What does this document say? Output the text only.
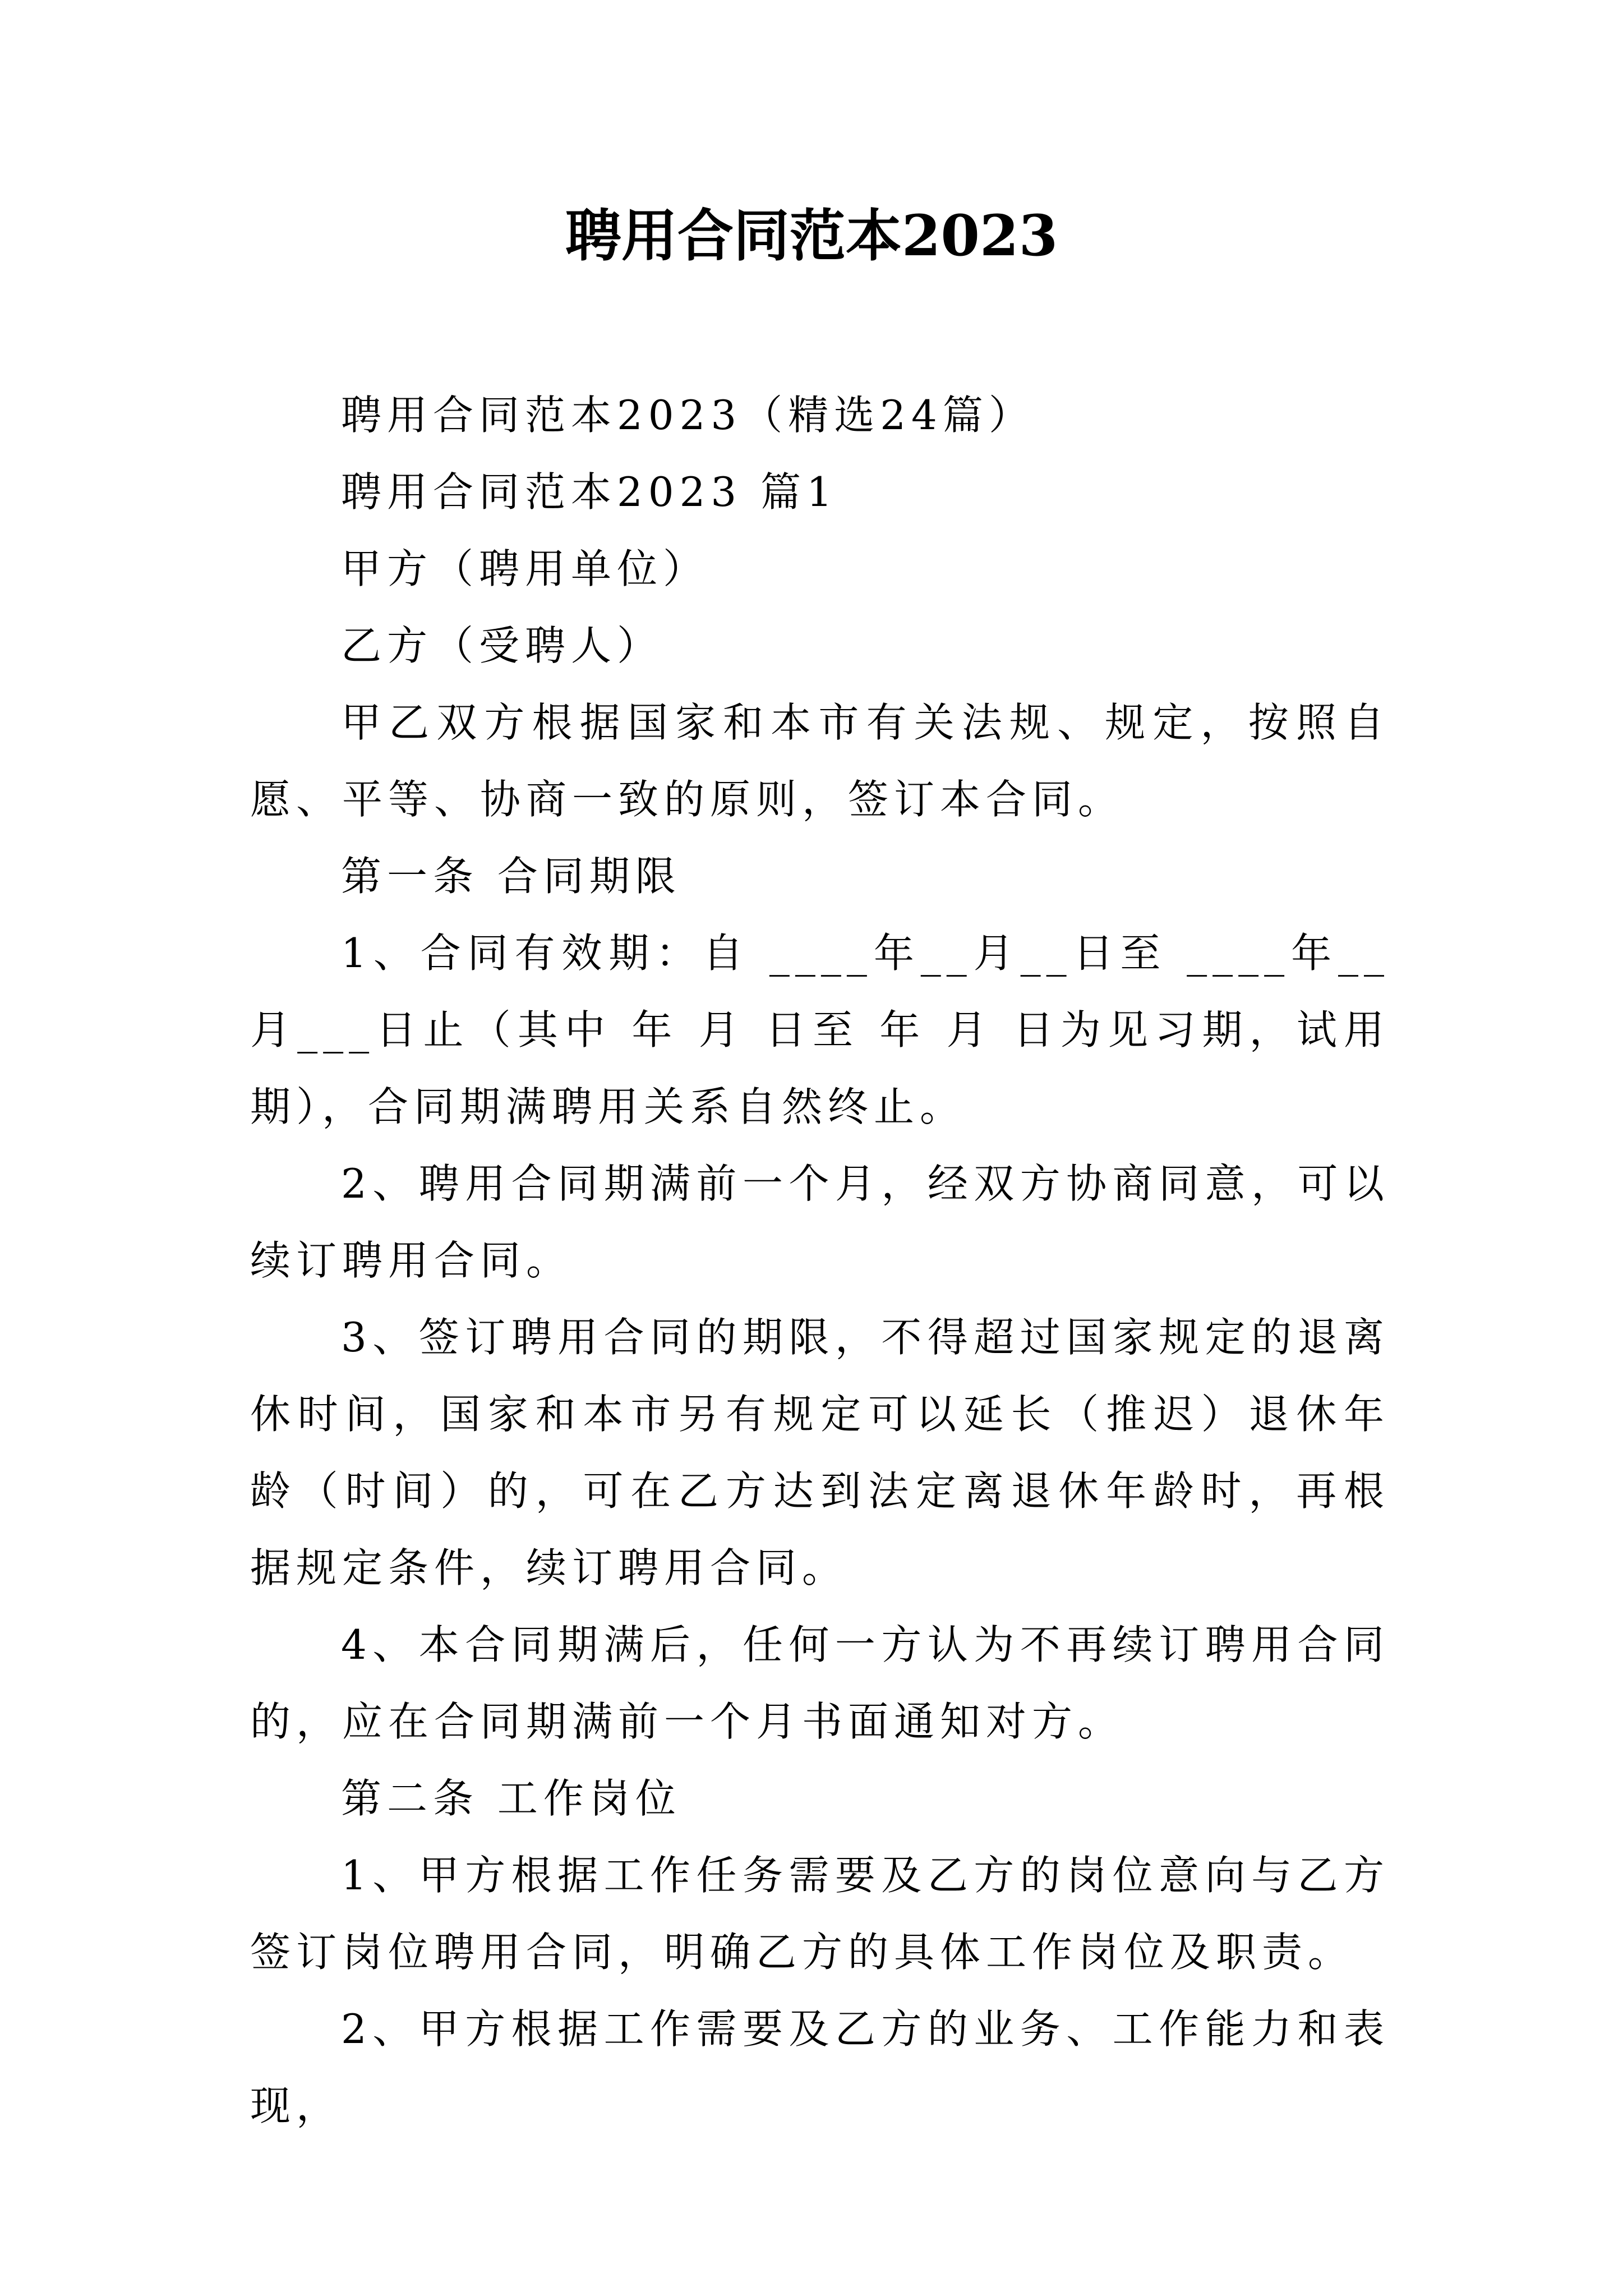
聘用合同范本2023

聘用合同范本2023（精选24篇）

聘用合同范本2023 篇1

甲方（聘用单位）

乙方（受聘人）

甲乙双方根据国家和本市有关法规、规定，按照自愿、平等、协商一致的原则，签订本合同。

第一条 合同期限

1、合同有效期：自 ____年__月__日至 ____年__月___日止（其中 年 月 日至 年 月 日为见习期，试用期），合同期满聘用关系自然终止。

2、聘用合同期满前一个月，经双方协商同意，可以续订聘用合同。

3、签订聘用合同的期限，不得超过国家规定的退离休时间，国家和本市另有规定可以延长（推迟）退休年龄（时间）的，可在乙方达到法定离退休年龄时，再根据规定条件，续订聘用合同。

4、本合同期满后，任何一方认为不再续订聘用合同的，应在合同期满前一个月书面通知对方。

第二条 工作岗位

1、甲方根据工作任务需要及乙方的岗位意向与乙方签订岗位聘用合同，明确乙方的具体工作岗位及职责。

2、甲方根据工作需要及乙方的业务、工作能力和表现，
